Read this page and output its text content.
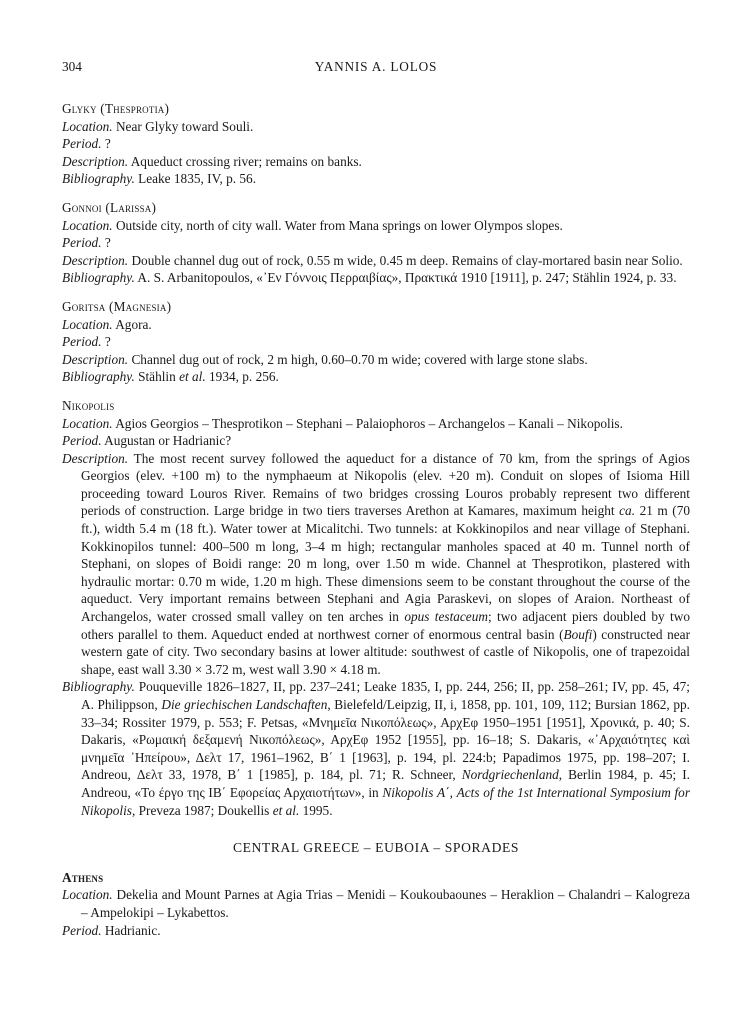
304	YANNIS A. LOLOS
Glyky (Thesprotia)
Location. Near Glyky toward Souli.
Period. ?
Description. Aqueduct crossing river; remains on banks.
Bibliography. Leake 1835, IV, p. 56.
Gonnoi (Larissa)
Location. Outside city, north of city wall. Water from Mana springs on lower Olympos slopes.
Period. ?
Description. Double channel dug out of rock, 0.55 m wide, 0.45 m deep. Remains of clay-mortared basin near Solio.
Bibliography. A. S. Arbanitopoulos, «᾿Εν Γόννοις Περραιβίας», Πρακτικά 1910 [1911], p. 247; Stählin 1924, p. 33.
Goritsa (Magnesia)
Location. Agora.
Period. ?
Description. Channel dug out of rock, 2 m high, 0.60–0.70 m wide; covered with large stone slabs.
Bibliography. Stählin et al. 1934, p. 256.
Nikopolis
Location. Agios Georgios – Thesprotikon – Stephani – Palaiophoros – Archangelos – Kanali – Nikopolis.
Period. Augustan or Hadrianic?
Description. The most recent survey followed the aqueduct for a distance of 70 km, from the springs of Agios Georgios (elev. +100 m) to the nymphaeum at Nikopolis (elev. +20 m). Conduit on slopes of Isioma Hill proceeding toward Louros River. Remains of two bridges crossing Louros probably represent two different periods of construction. Large bridge in two tiers traverses Arethon at Kamares, maximum height ca. 21 m (70 ft.), width 5.4 m (18 ft.). Water tower at Micalitchi. Two tunnels: at Kokkinopilos and near village of Stephani. Kokkinopilos tunnel: 400–500 m long, 3–4 m high; rectangular manholes spaced at 40 m. Tunnel north of Stephani, on slopes of Boidi range: 20 m long, over 1.50 m wide. Channel at Thesprotikon, plastered with hydraulic mortar: 0.70 m wide, 1.20 m high. These dimensions seem to be constant throughout the course of the aqueduct. Very important remains between Stephani and Agia Paraskevi, on slopes of Araion. Northeast of Archangelos, water crossed small valley on ten arches in opus testaceum; two adjacent piers doubled by two others parallel to them. Aqueduct ended at northwest corner of enormous central basin (Boufi) constructed near western gate of city. Two secondary basins at lower altitude: southwest of castle of Nikopolis, one of trapezoidal shape, east wall 3.30 × 3.72 m, west wall 3.90 × 4.18 m.
Bibliography. Pouqueville 1826–1827, II, pp. 237–241; Leake 1835, I, pp. 244, 256; II, pp. 258–261; IV, pp. 45, 47; A. Philippson, Die griechischen Landschaften, Bielefeld/Leipzig, II, i, 1858, pp. 101, 109, 112; Bursian 1862, pp. 33–34; Rossiter 1979, p. 553; F. Petsas, «Μνημεῖα Νικοπόλεως», ΑρχΕφ 1950–1951 [1951], Χρονικά, p. 40; S. Dakaris, «Ρωμαική δεξαμενή Νικοπόλεως», ΑρχΕφ 1952 [1955], pp. 16–18; S. Dakaris, «᾿Αρχαιότητες καὶ μνημεῖα ᾿Ηπείρου», Δελτ 17, 1961–1962, Β΄ 1 [1963], p. 194, pl. 224:b; Papadimos 1975, pp. 198–207; I. Andreou, Δελτ 33, 1978, Β΄ 1 [1985], p. 184, pl. 71; R. Schneer, Nordgriechenland, Berlin 1984, p. 45; I. Andreou, «Το έργο της ΙΒ΄ Εφορείας Αρχαιοτήτων», in Nikopolis Α΄, Acts of the 1st International Symposium for Nikopolis, Preveza 1987; Doukellis et al. 1995.
CENTRAL GREECE – EUBOIA – SPORADES
Athens
Location. Dekelia and Mount Parnes at Agia Trias – Menidi – Koukoubaounes – Heraklion – Chalandri – Kalogreza – Ampelokipi – Lykabettos.
Period. Hadrianic.
